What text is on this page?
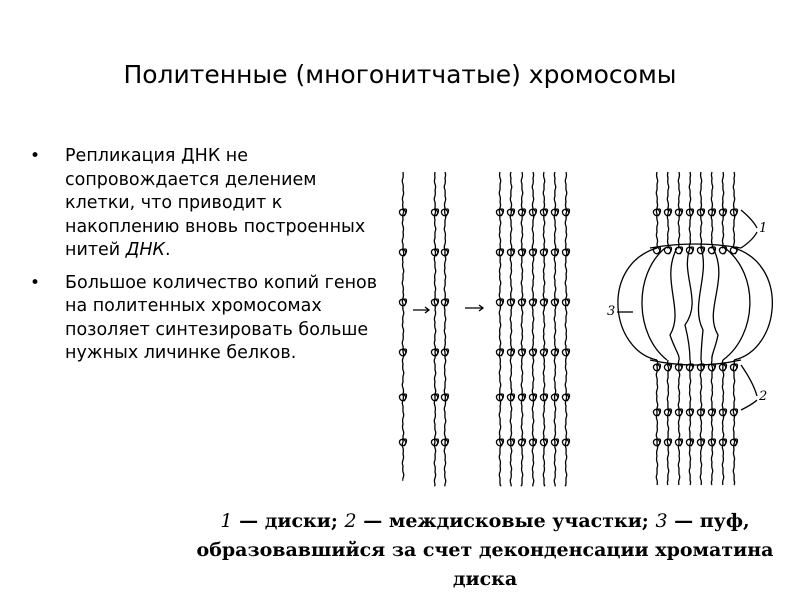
Политенные (многонитчатые) хромосомы
• Репликация ДНК не сопровождается делением клетки, что приводит к накоплению вновь построенных нитей ДНК.
• Большое количество копий генов на политенных хромосомах позоляет синтезировать больше нужных личинке белков.
1
2
3
1 — диски; 2 — междисковые участки; 3 — пуф, образовавшийся за счет деконденсации хроматина диска
